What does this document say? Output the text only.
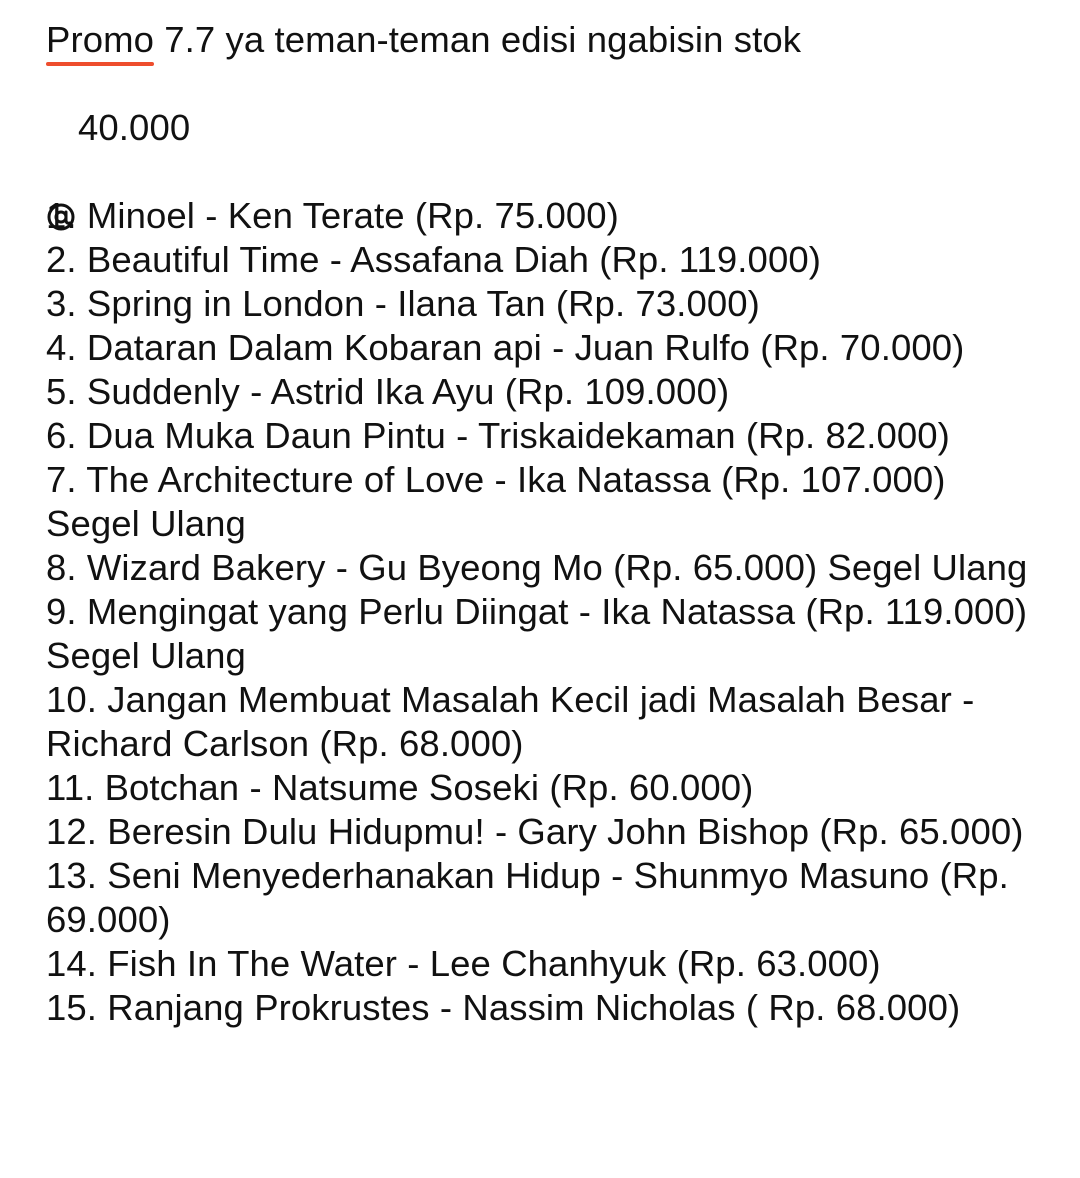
Promo 7.7 ya teman-teman edisi ngabisin stok

40.000
1. Minoel - Ken Terate (Rp. 75.000)
2. Beautiful Time - Assafana Diah (Rp. 119.000)
3. Spring in London - Ilana Tan (Rp. 73.000)
4. Dataran Dalam Kobaran api - Juan Rulfo (Rp. 70.000)
5. Suddenly - Astrid Ika Ayu (Rp. 109.000)
6. Dua Muka Daun Pintu - Triskaidekaman (Rp. 82.000)
7. The Architecture of Love - Ika Natassa (Rp. 107.000) Segel Ulang
8. Wizard Bakery - Gu Byeong Mo (Rp. 65.000) Segel Ulang
9. Mengingat yang Perlu Diingat - Ika Natassa (Rp. 119.000) Segel Ulang
10. Jangan Membuat Masalah Kecil jadi Masalah Besar - Richard Carlson (Rp. 68.000)
11. Botchan - Natsume Soseki (Rp. 60.000)
12. Beresin Dulu Hidupmu! - Gary John Bishop (Rp. 65.000)
13. Seni Menyederhanakan Hidup - Shunmyo Masuno (Rp. 69.000)
14. Fish In The Water - Lee Chanhyuk (Rp. 63.000)
15. Ranjang Prokrustes - Nassim Nicholas ( Rp. 68.000)
